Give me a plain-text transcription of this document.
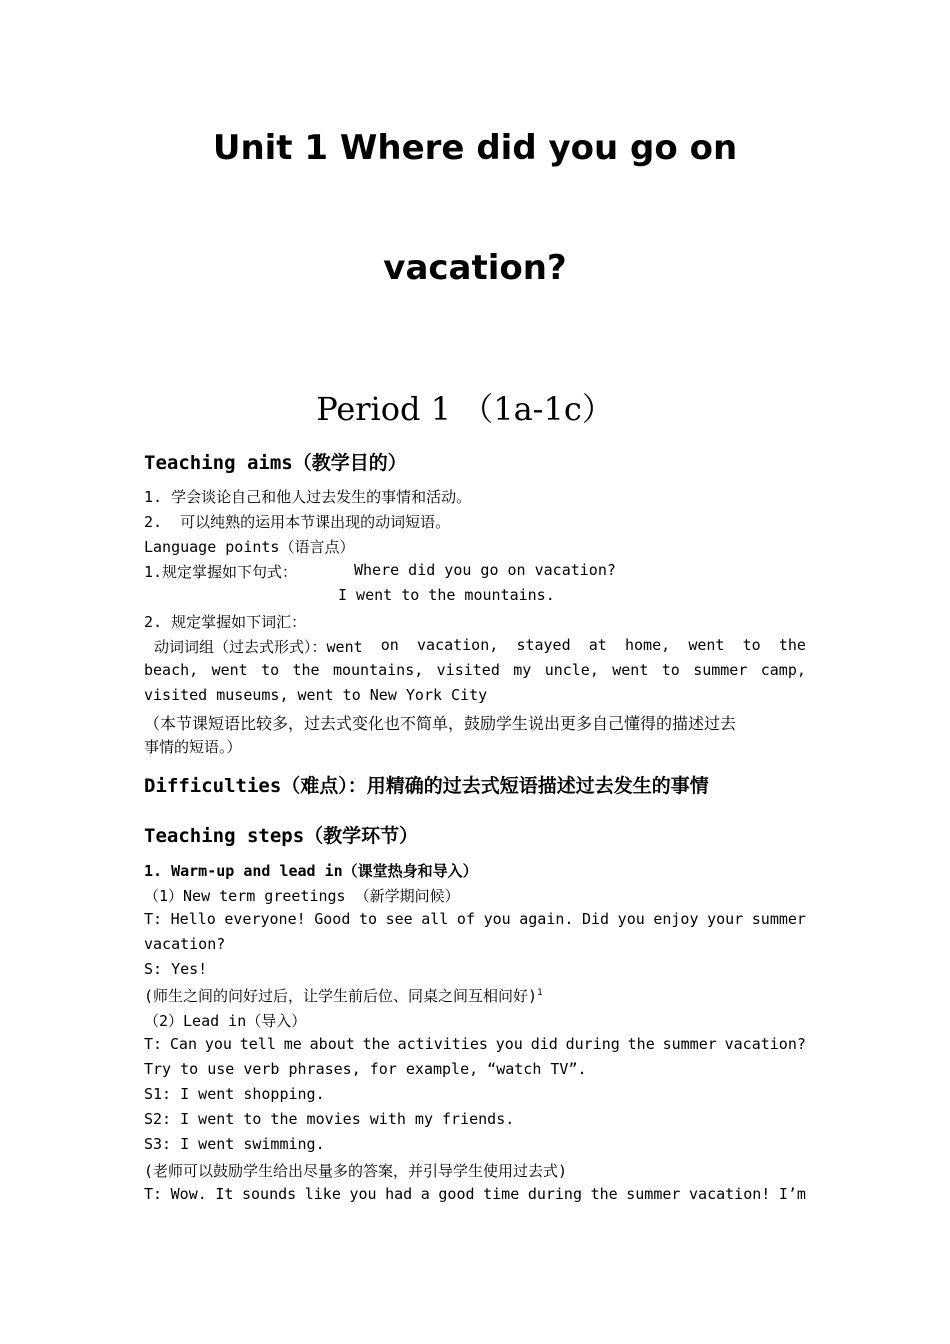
Unit 1 Where did you go on
vacation?
Period 1 （1a-1c）
Teaching aims（教学目的）
1. 学会谈论自己和他人过去发生的事情和活动。
2.  可以纯熟的运用本节课出现的动词短语。
Language points（语言点）
1.规定掌握如下句式：	Where did you go on vacation?
I went to the mountains.
2. 规定掌握如下词汇：
动词词组（过去式形式）：went on vacation, stayed at home, went to the
beach, went to the mountains, visited my uncle, went to summer camp,
visited museums, went to New York City
（本节课短语比较多，过去式变化也不简单，鼓励学生说出更多自己懂得的描述过去
事情的短语。）
Difficulties（难点）：用精确的过去式短语描述过去发生的事情
Teaching steps（教学环节）
1. Warm-up and lead in（课堂热身和导入）
（1）New term greetings （新学期问候）
T: Hello everyone! Good to see all of you again. Did you enjoy your summer
vacation?
S: Yes!
(师生之间的问好过后，让学生前后位、同桌之间互相问好)$^1$
（2）Lead in（导入）
T: Can you tell me about the activities you did during the summer vacation?
Try to use verb phrases, for example, “watch TV”.
S1: I went shopping.
S2: I went to the movies with my friends.
S3: I went swimming.
(老师可以鼓励学生给出尽量多的答案，并引导学生使用过去式)
T: Wow. It sounds like you had a good time during the summer vacation! I’m
